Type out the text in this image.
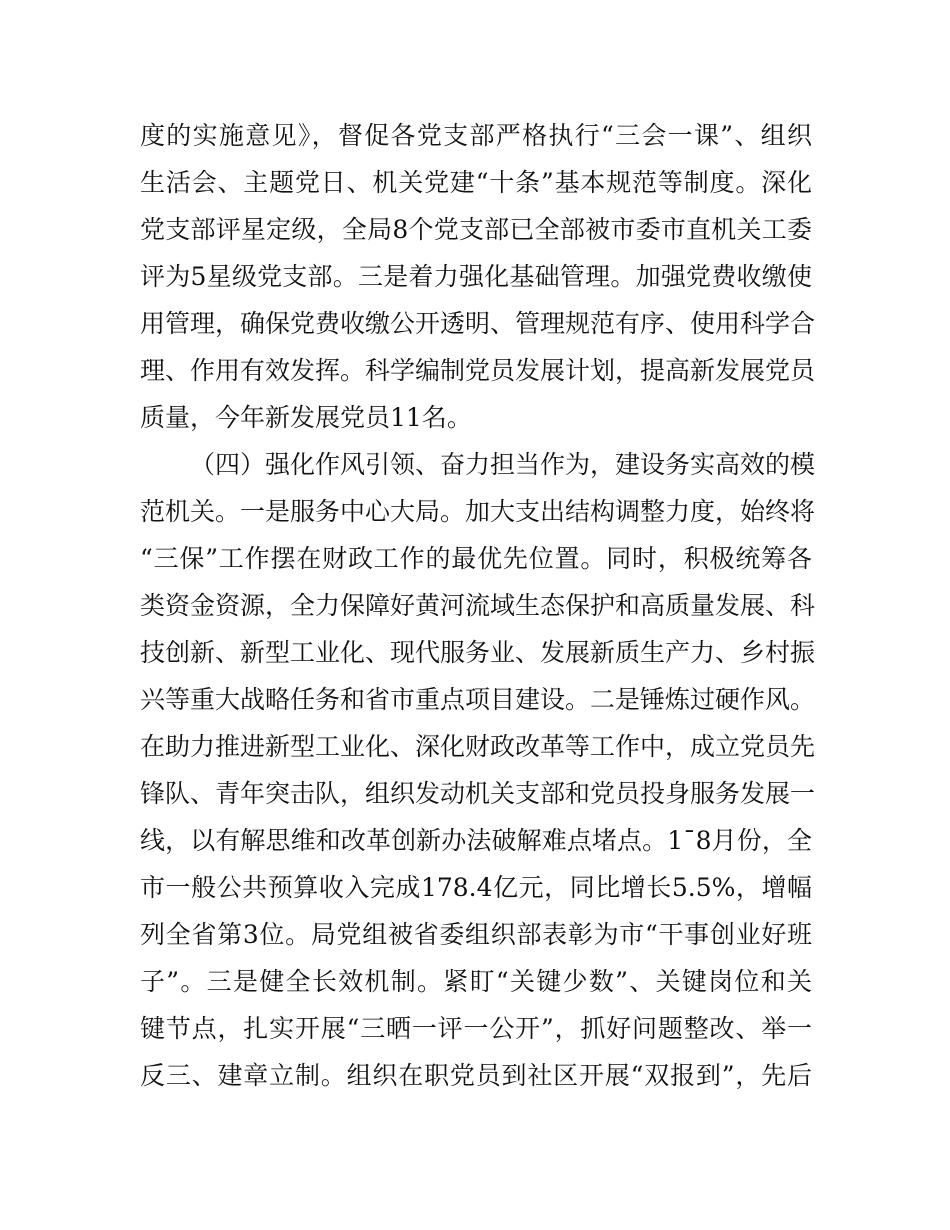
度的实施意见》，督促各党支部严格执行“三会一课”、组织
生活会、主题党日、机关党建“十条”基本规范等制度。深化
党支部评星定级，全局8个党支部已全部被市委市直机关工委
评为5星级党支部。三是着力强化基础管理。加强党费收缴使
用管理，确保党费收缴公开透明、管理规范有序、使用科学合
理、作用有效发挥。科学编制党员发展计划，提高新发展党员
质量，今年新发展党员11名。
（四）强化作风引领、奋力担当作为，建设务实高效的模
范机关。一是服务中心大局。加大支出结构调整力度，始终将
“三保”工作摆在财政工作的最优先位置。同时，积极统筹各
类资金资源，全力保障好黄河流域生态保护和高质量发展、科
技创新、新型工业化、现代服务业、发展新质生产力、乡村振
兴等重大战略任务和省市重点项目建设。二是锤炼过硬作风。
在助力推进新型工业化、深化财政改革等工作中，成立党员先
锋队、青年突击队，组织发动机关支部和党员投身服务发展一
线，以有解思维和改革创新办法破解难点堵点。1¯8月份，全
市一般公共预算收入完成178.4亿元，同比增长5.5%，增幅
列全省第3位。局党组被省委组织部表彰为市“干事创业好班
子”。三是健全长效机制。紧盯“关键少数”、关键岗位和关
键节点，扎实开展“三晒一评一公开”，抓好问题整改、举一
反三、建章立制。组织在职党员到社区开展“双报到”，先后
